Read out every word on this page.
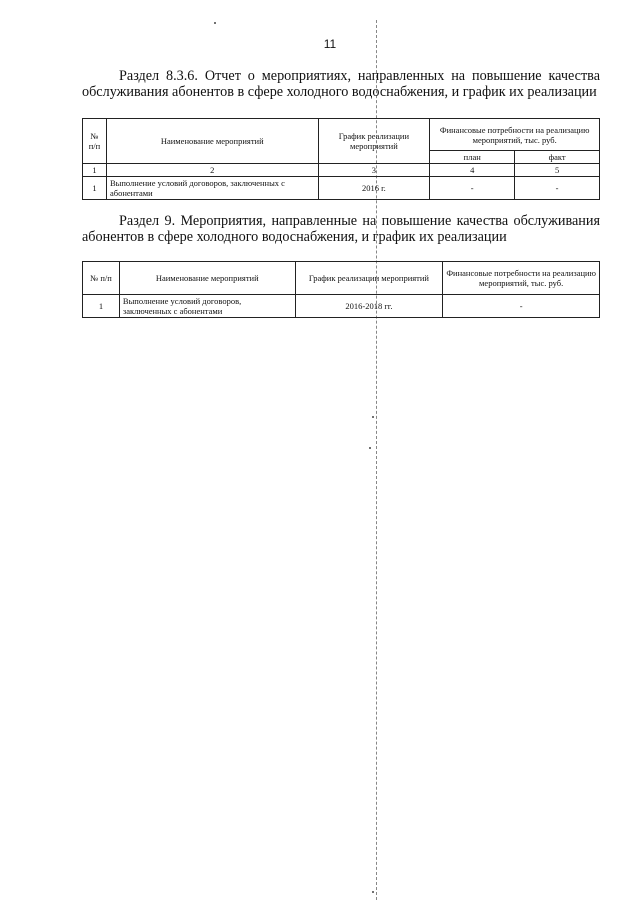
11
Раздел 8.3.6. Отчет о мероприятиях, направленных на повышение качества обслуживания абонентов в сфере холодного водоснабжения, и график их реализации
№ п/п	Наименование мероприятий	График реализации мероприятий	Финансовые потребности на реализацию мероприятий, тыс. руб.	
			план	факт
1	2	3	4	5
1	Выполнение условий договоров, заключенных с абонентами	2016 г.	-	-
Раздел 9. Мероприятия, направленные на повышение качества обслуживания абонентов в сфере холодного водоснабжения, и график их реализации
№ п/п	Наименование мероприятий	График реализации мероприятий	Финансовые потребности на реализацию мероприятий, тыс. руб.
1	Выполнение условий договоров, заключенных с абонентами	2016-2018 гг.	-
